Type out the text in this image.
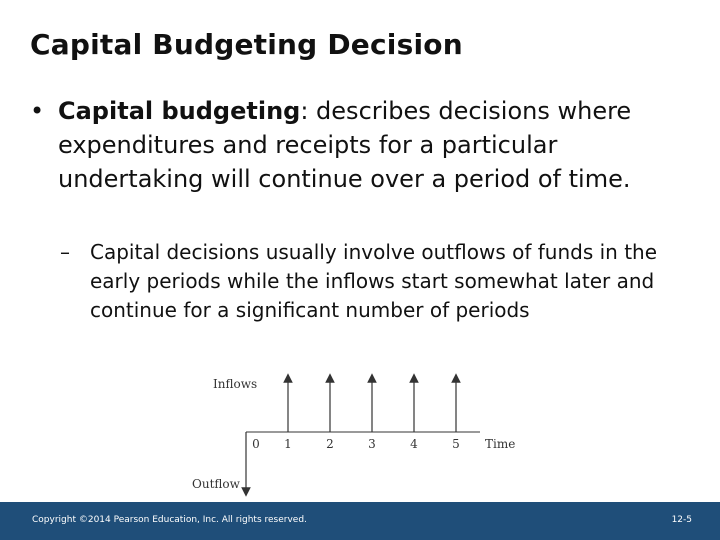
Capital Budgeting Decision
• Capital budgeting: describes decisions where expenditures and receipts for a particular undertaking will continue over a period of time.
–	Capital decisions usually involve outflows of funds in the early periods while the inflows start somewhat later and continue for a significant number of periods
Inflows
Outflow
Time
0 1	2	3	4	5
Copyright ©2014 Pearson Education, Inc. All rights reserved.	12-5
